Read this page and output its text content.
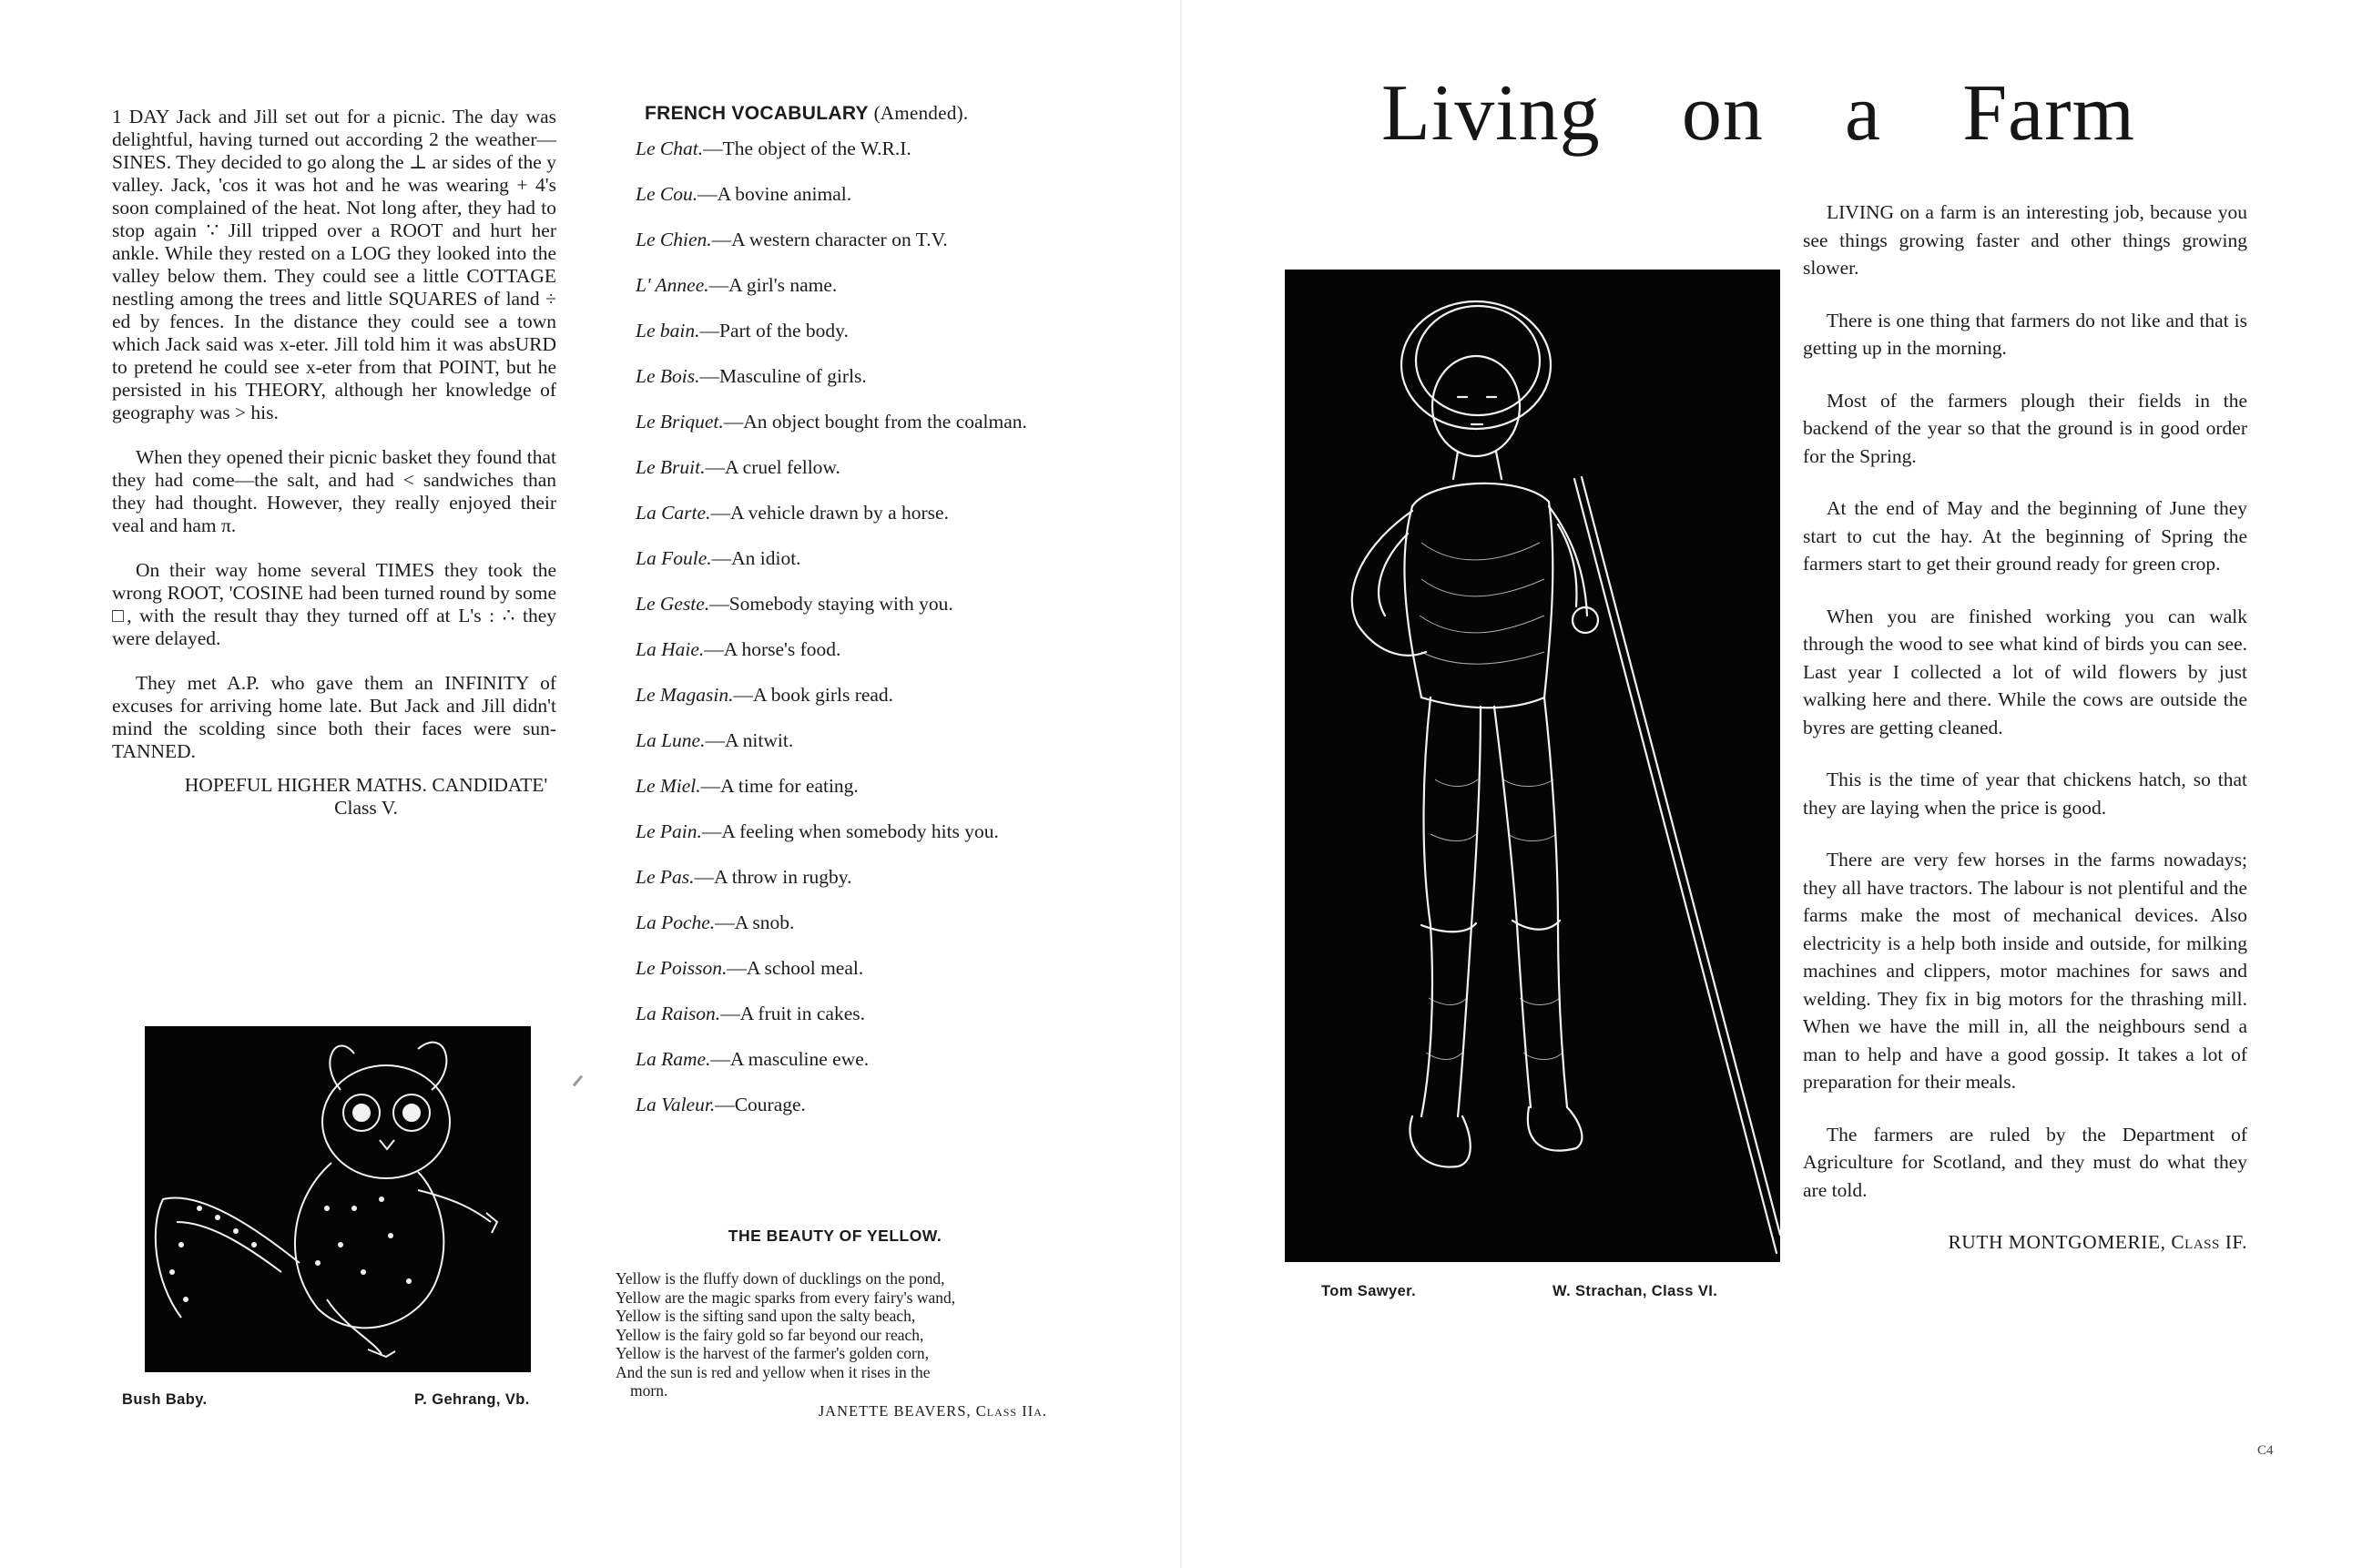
1 DAY Jack and Jill set out for a picnic. The day was delightful, having turned out according 2 the weather—SINES. They decided to go along the ⊥ ar sides of the y valley. Jack, 'cos it was hot and he was wearing + 4's soon complained of the heat. Not long after, they had to stop again ∵ Jill tripped over a ROOT and hurt her ankle. While they rested on a LOG they looked into the valley below them. They could see a little COTTAGE nestling among the trees and little SQUARES of land ÷ ed by fences. In the distance they could see a town which Jack said was x-eter. Jill told him it was absURD to pretend he could see x-eter from that POINT, but he persisted in his THEORY, although her knowledge of geography was > his.

When they opened their picnic basket they found that they had come—the salt, and had < sandwiches than they had thought. However, they really enjoyed their veal and ham π.

On their way home several TIMES they took the wrong ROOT, 'COSINE had been turned round by some □, with the result thay they turned off at L's : ∴ they were delayed.

They met A.P. who gave them an INFINITY of excuses for arriving home late. But Jack and Jill didn't mind the scolding since both their faces were sun-TANNED.

HOPEFUL HIGHER MATHS. CANDIDATE'

Class V.

Bush Baby.	P. Gehrang, Vb.
FRENCH VOCABULARY (Amended).

Le Chat.—The object of the W.R.I.

Le Cou.—A bovine animal.

Le Chien.—A western character on T.V.

L' Annee.—A girl's name.

Le bain.—Part of the body.

Le Bois.—Masculine of girls.

Le Briquet.—An object bought from the coalman.

Le Bruit.—A cruel fellow.

La Carte.—A vehicle drawn by a horse.

La Foule.—An idiot.

Le Geste.—Somebody staying with you.

La Haie.—A horse's food.

Le Magasin.—A book girls read.

La Lune.—A nitwit.

Le Miel.—A time for eating.

Le Pain.—A feeling when somebody hits you.

Le Pas.—A throw in rugby.

La Poche.—A snob.

Le Poisson.—A school meal.

La Raison.—A fruit in cakes.

La Rame.—A masculine ewe.

La Valeur.—Courage.

THE BEAUTY OF YELLOW.
Yellow is the fluffy down of ducklings on the pond,
Yellow are the magic sparks from every fairy's wand,
Yellow is the sifting sand upon the salty beach,
Yellow is the fairy gold so far beyond our reach,
Yellow is the harvest of the farmer's golden corn,
And the sun is red and yellow when it rises in the
morn.
JANETTE BEAVERS, Class IIa.
Living on a Farm
Tom Sawyer.	W. Strachan, Class VI.

LIVING on a farm is an interesting job, because you see things growing faster and other things growing slower.

There is one thing that farmers do not like and that is getting up in the morning.

Most of the farmers plough their fields in the backend of the year so that the ground is in good order for the Spring.

At the end of May and the beginning of June they start to cut the hay. At the beginning of Spring the farmers start to get their ground ready for green crop.

When you are finished working you can walk through the wood to see what kind of birds you can see. Last year I collected a lot of wild flowers by just walking here and there. While the cows are outside the byres are getting cleaned.

This is the time of year that chickens hatch, so that they are laying when the price is good.

There are very few horses in the farms nowadays; they all have tractors. The labour is not plentiful and the farms make the most of mechanical devices. Also electricity is a help both inside and outside, for milking machines and clippers, motor machines for saws and welding. They fix in big motors for the thrashing mill. When we have the mill in, all the neighbours send a man to help and have a good gossip. It takes a lot of preparation for their meals.

The farmers are ruled by the Department of Agriculture for Scotland, and they must do what they are told.

RUTH MONTGOMERIE, Class IF.

C4
